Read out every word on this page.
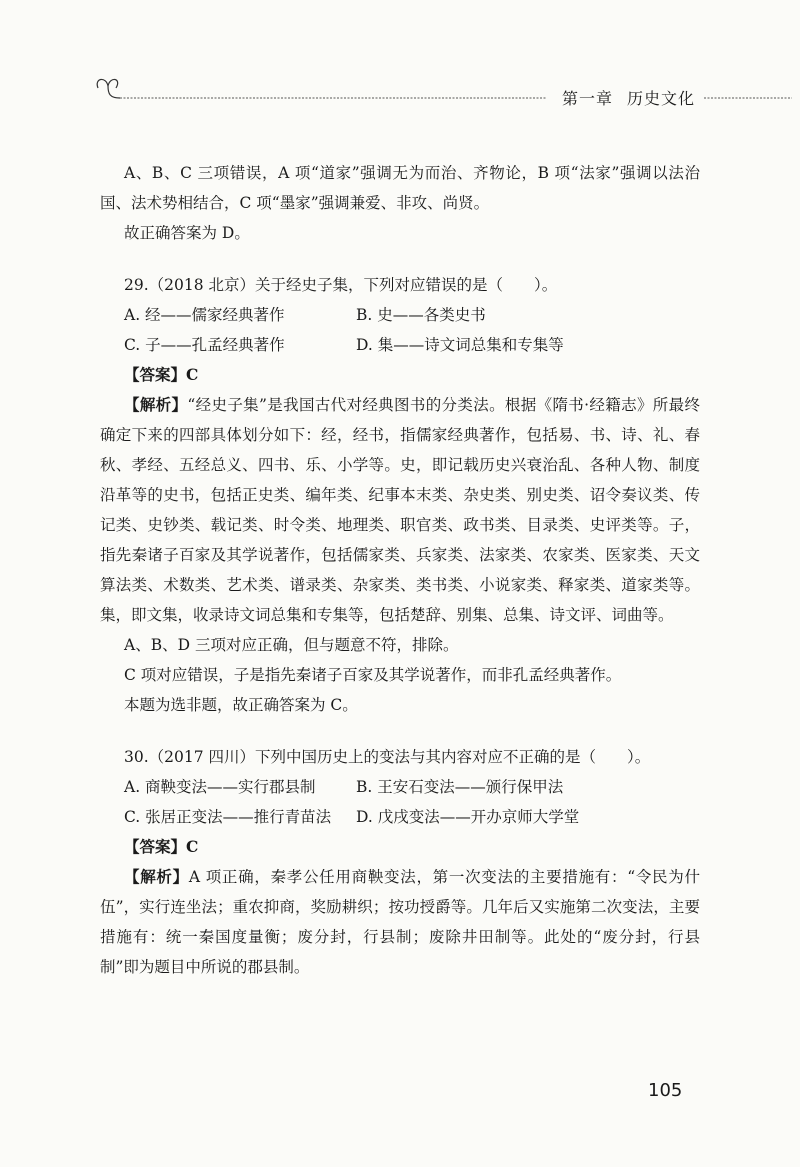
第一章 历史文化

A、B、C 三项错误，A 项“道家”强调无为而治、齐物论，B 项“法家”强调以法治国、法术势相结合，C 项“墨家”强调兼爱、非攻、尚贤。

故正确答案为 D。

29.（2018 北京）关于经史子集，下列对应错误的是（　　）。

A. 经——儒家经典著作	B. 史——各类史书
C. 子——孔孟经典著作	D. 集——诗文词总集和专集等

【答案】C

【解析】“经史子集”是我国古代对经典图书的分类法。根据《隋书·经籍志》所最终确定下来的四部具体划分如下：经，经书，指儒家经典著作，包括易、书、诗、礼、春秋、孝经、五经总义、四书、乐、小学等。史，即记载历史兴衰治乱、各种人物、制度沿革等的史书，包括正史类、编年类、纪事本末类、杂史类、别史类、诏令奏议类、传记类、史钞类、载记类、时令类、地理类、职官类、政书类、目录类、史评类等。子，指先秦诸子百家及其学说著作，包括儒家类、兵家类、法家类、农家类、医家类、天文算法类、术数类、艺术类、谱录类、杂家类、类书类、小说家类、释家类、道家类等。集，即文集，收录诗文词总集和专集等，包括楚辞、别集、总集、诗文评、词曲等。

A、B、D 三项对应正确，但与题意不符，排除。

C 项对应错误，子是指先秦诸子百家及其学说著作，而非孔孟经典著作。

本题为选非题，故正确答案为 C。

30.（2017 四川）下列中国历史上的变法与其内容对应不正确的是（　　）。

A. 商鞅变法——实行郡县制	B. 王安石变法——颁行保甲法
C. 张居正变法——推行青苗法	D. 戊戌变法——开办京师大学堂

【答案】C

【解析】A 项正确，秦孝公任用商鞅变法，第一次变法的主要措施有：“令民为什伍”，实行连坐法；重农抑商，奖励耕织；按功授爵等。几年后又实施第二次变法，主要措施有：统一秦国度量衡；废分封，行县制；废除井田制等。此处的“废分封，行县制”即为题目中所说的郡县制。

105
